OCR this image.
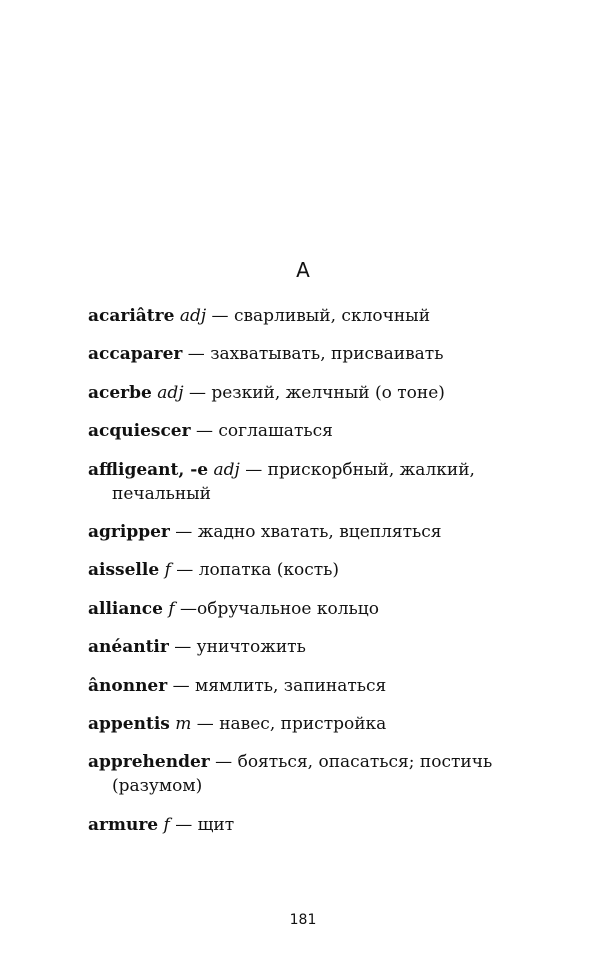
A

acariâtre adj — сварливый, склочный

accaparer — захватывать, присваивать

acerbe adj — резкий, желчный (о тоне)

acquiescer — соглашаться

affligeant, -e adj — прискорбный, жалкий, печальный

agripper — жадно хватать, вцепляться

aisselle f — лопатка (кость)

alliance f —обручальное кольцо

anéantir — уничтожить

ânonner — мямлить, запинаться

appentis m — навес, пристройка

apprehender — бояться, опасаться; постичь (разумом)

armure f — щит

181
